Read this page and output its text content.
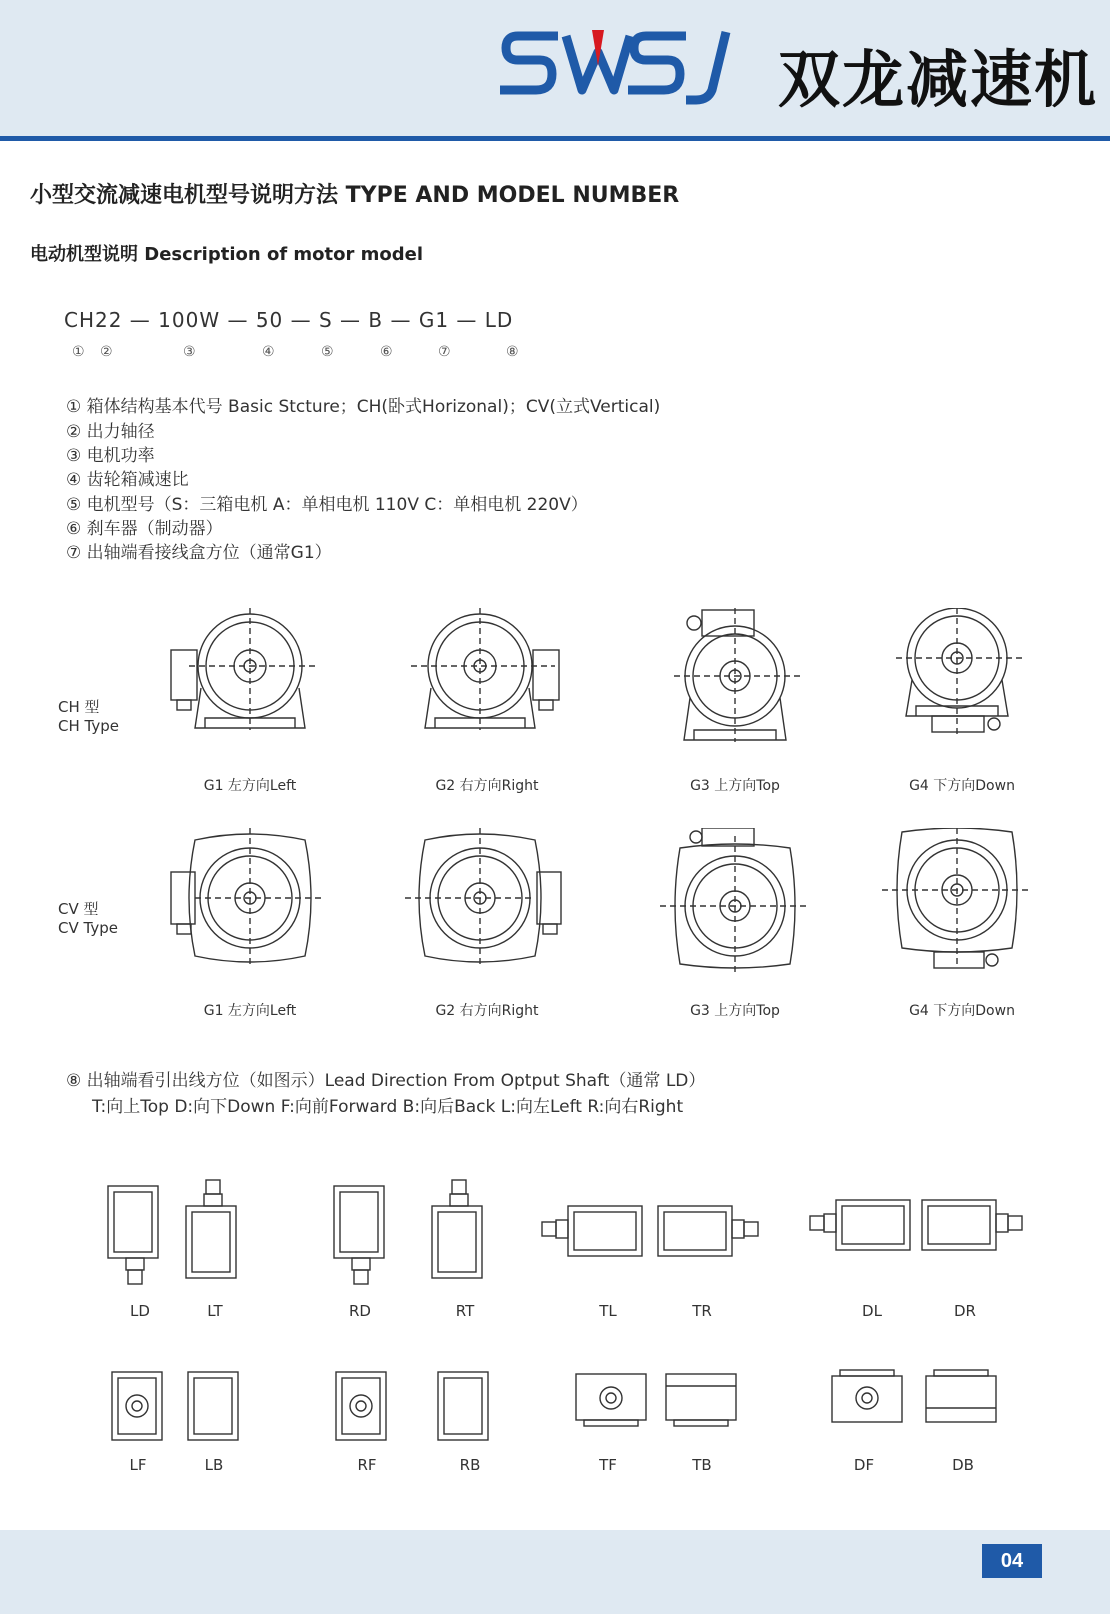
双龙减速机
小型交流减速电机型号说明方法 TYPE AND MODEL NUMBER
电动机型说明 Description of motor model
CH22 — 100W — 50 — S — B — G1 — LD
① ②	③	④	⑤	⑥	⑦	⑧
① 箱体结构基本代号 Basic Stcture；CH(卧式Horizonal)；CV(立式Vertical)
② 出力轴径
③ 电机功率
④ 齿轮箱减速比
⑤ 电机型号（S：三箱电机 A：单相电机 110V C：单相电机 220V）
⑥ 刹车器（制动器）
⑦ 出轴端看接线盒方位（通常G1）
CH 型
CH Type
G1 左方向Left	G2 右方向Right	G3 上方向Top	G4 下方向Down
CV 型
CV Type
G1 左方向Left	G2 右方向Right	G3 上方向Top	G4 下方向Down
⑧ 出轴端看引出线方位（如图示）Lead Direction From Optput Shaft（通常 LD）
T:向上Top D:向下Down F:向前Forward B:向后Back L:向左Left R:向右Right
LD	LT	RD	RT	TL	TR	DL	DR
LF	LB	RF	RB	TF	TB	DF	DB
04
